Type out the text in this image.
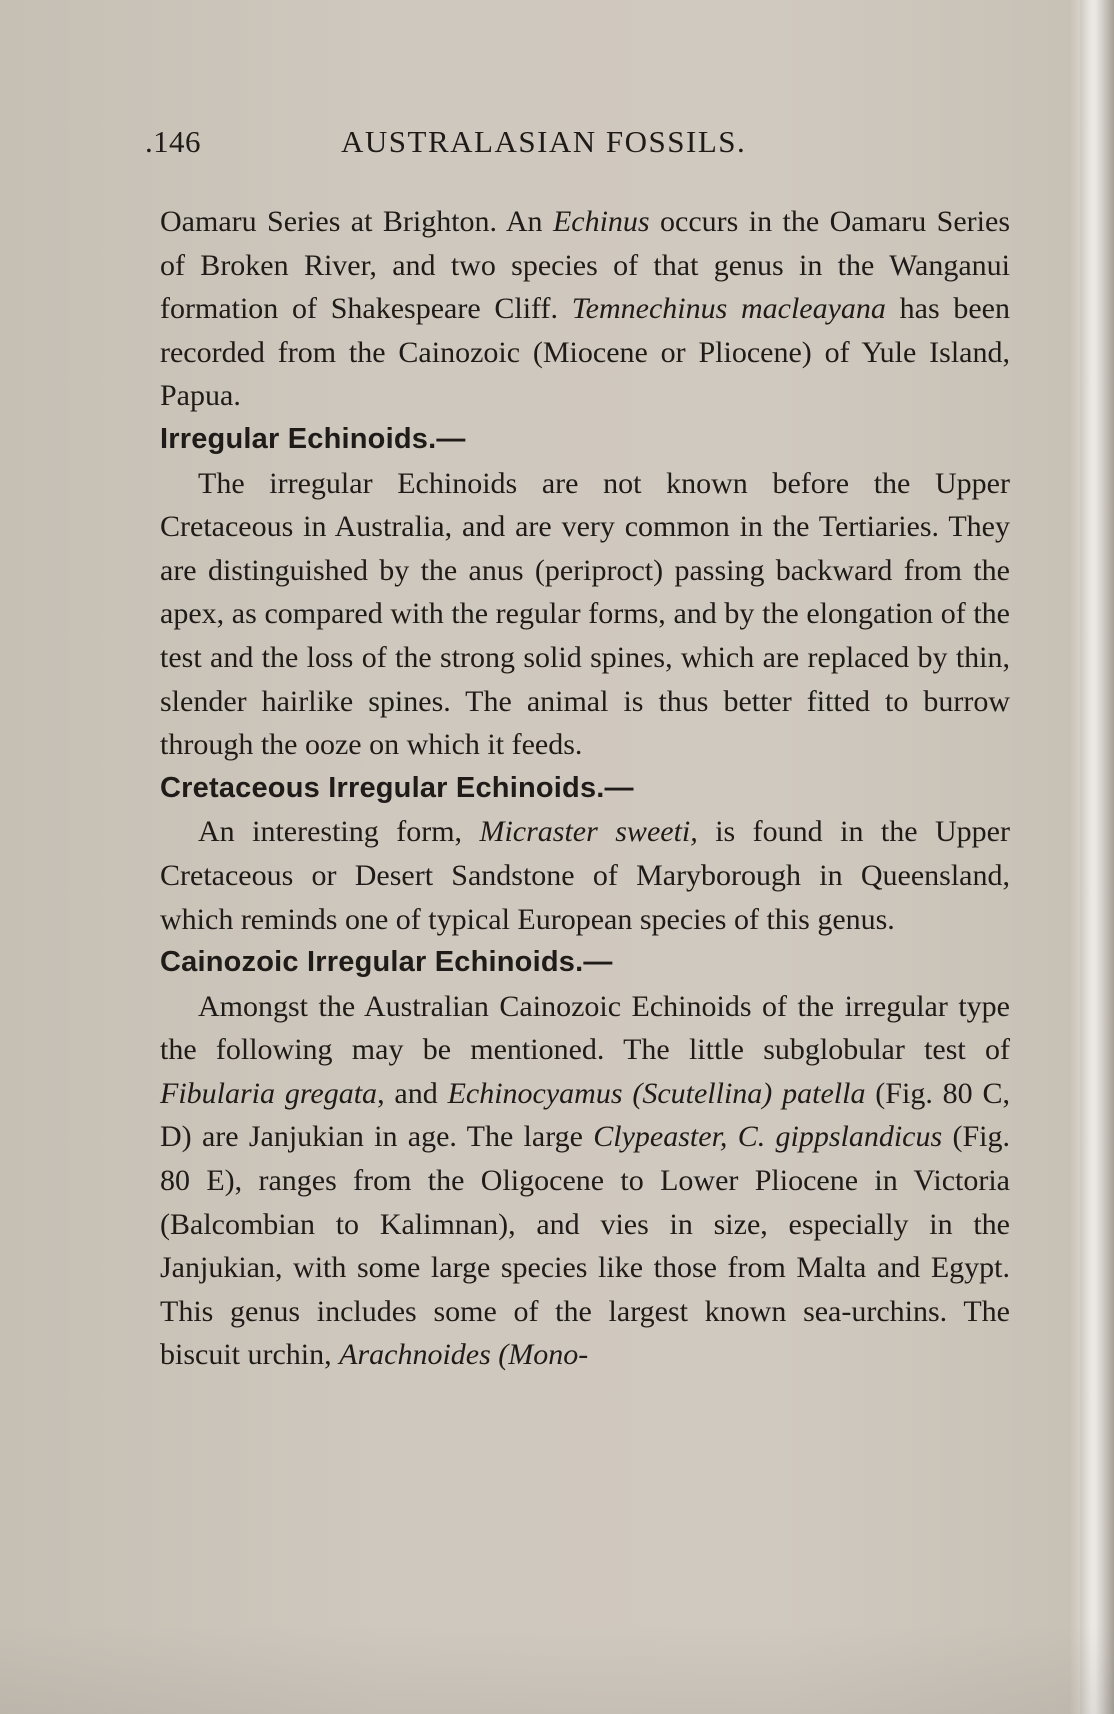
.146	AUSTRALASIAN FOSSILS.

Oamaru Series at Brighton. An Echinus occurs in the Oamaru Series of Broken River, and two species of that genus in the Wanganui formation of Shakespeare Cliff. Temnechinus macleayana has been recorded from the Cainozoic (Miocene or Pliocene) of Yule Island, Papua.

Irregular Echinoids.—

The irregular Echinoids are not known before the Upper Cretaceous in Australia, and are very common in the Tertiaries. They are distinguished by the anus (periproct) passing backward from the apex, as compared with the regular forms, and by the elongation of the test and the loss of the strong solid spines, which are replaced by thin, slender hairlike spines. The animal is thus better fitted to burrow through the ooze on which it feeds.

Cretaceous Irregular Echinoids.—

An interesting form, Micraster sweeti, is found in the Upper Cretaceous or Desert Sandstone of Maryborough in Queensland, which reminds one of typical European species of this genus.

Cainozoic Irregular Echinoids.—

Amongst the Australian Cainozoic Echinoids of the irregular type the following may be mentioned. The little subglobular test of Fibularia gregata, and Echinocyamus (Scutellina) patella (Fig. 80 C, D) are Janjukian in age. The large Clypeaster, C. gippslandicus (Fig. 80 E), ranges from the Oligocene to Lower Pliocene in Victoria (Balcombian to Kalimnan), and vies in size, especially in the Janjukian, with some large species like those from Malta and Egypt. This genus includes some of the largest known sea-urchins. The biscuit urchin, Arachnoides (Mono-
